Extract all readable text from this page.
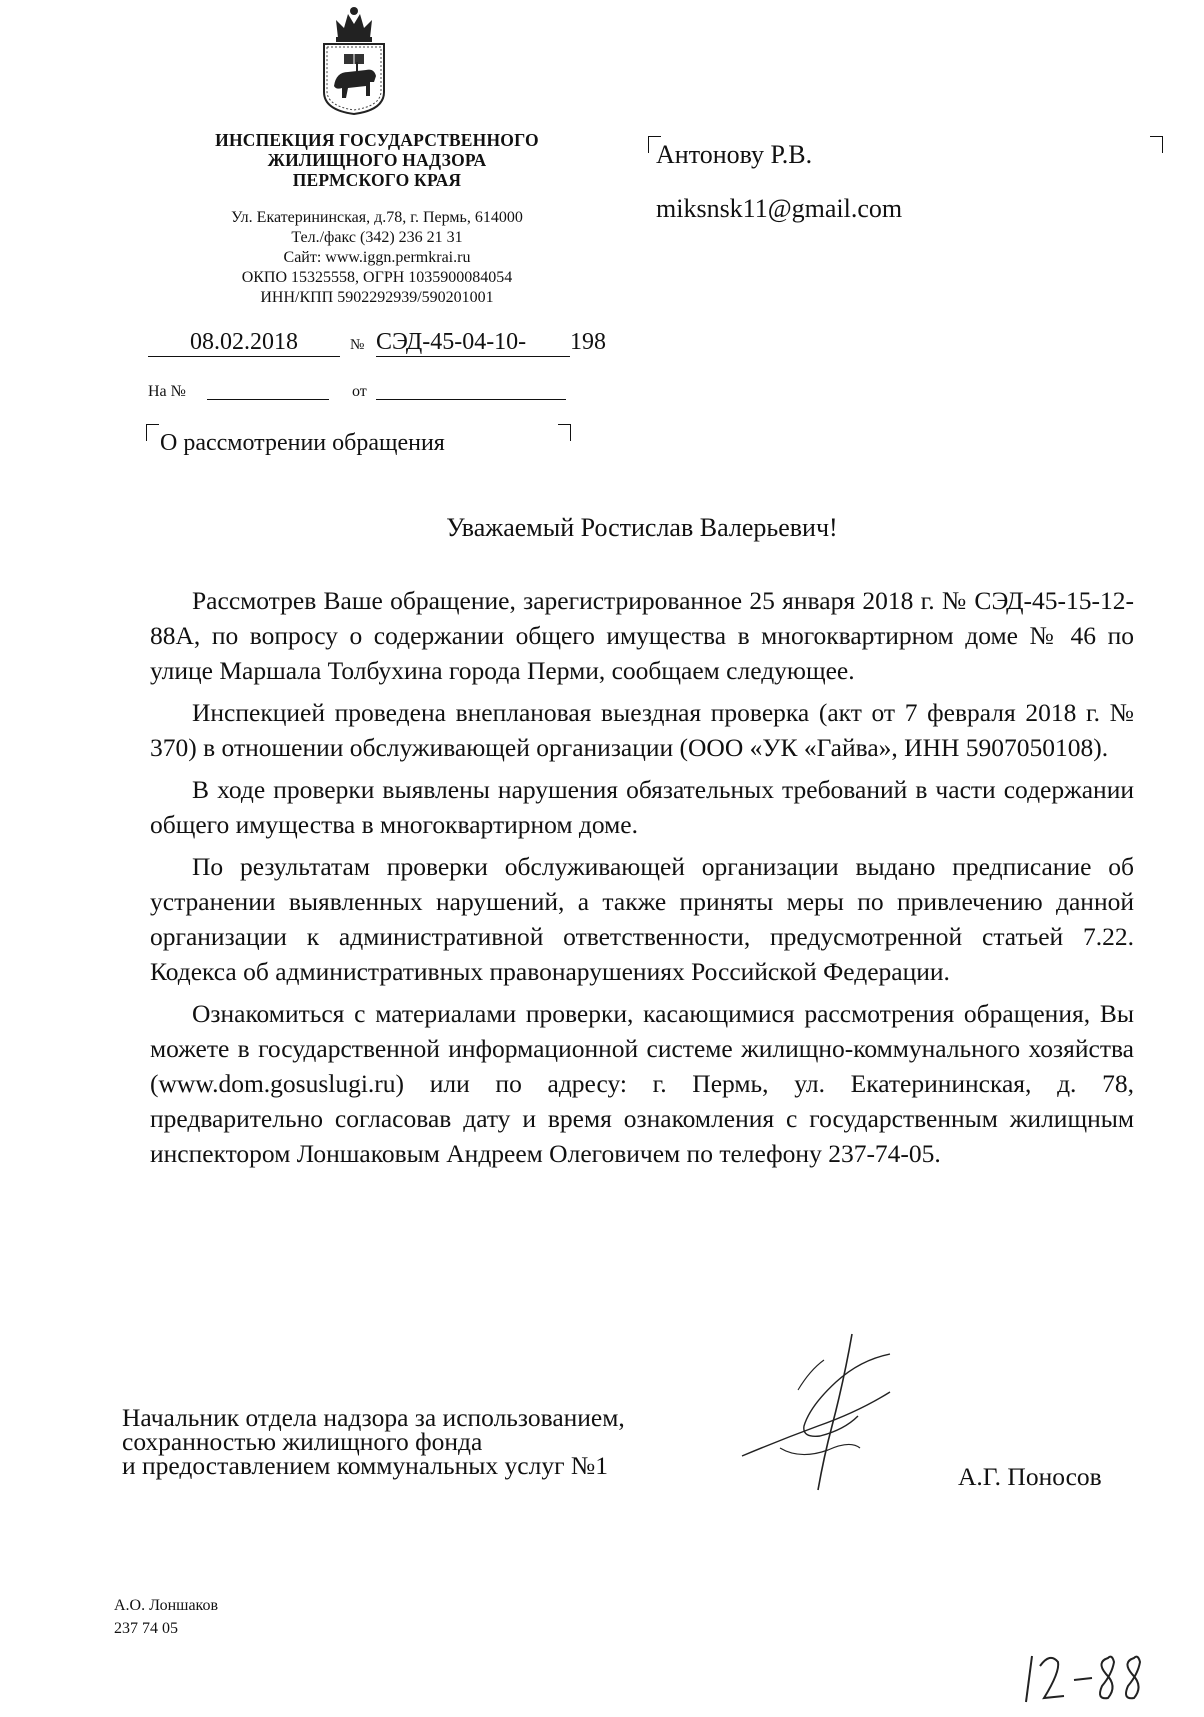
ИНСПЕКЦИЯ ГОСУДАРСТВЕННОГО
ЖИЛИЩНОГО НАДЗОРА
ПЕРМСКОГО КРАЯ
Ул. Екатерининская, д.78, г. Пермь, 614000
Тел./факс (342) 236 21 31
Сайт: www.iggn.permkrai.ru
ОКПО 15325558, ОГРН 1035900084054
ИНН/КПП 5902292939/590201001
08.02.2018	№ СЭД-45-04-10-	198
На №	от
О рассмотрении обращения
Антонову Р.В.
miksnsk11@gmail.com
Уважаемый Ростислав Валерьевич!

Рассмотрев Ваше обращение, зарегистрированное 25 января 2018 г. № СЭД-45-15-12-88А, по вопросу о содержании общего имущества в многоквартирном доме № 46 по улице Маршала Толбухина города Перми, сообщаем следующее.

Инспекцией проведена внеплановая выездная проверка (акт от 7 февраля 2018 г. № 370) в отношении обслуживающей организации (ООО «УК «Гайва», ИНН 5907050108).

В ходе проверки выявлены нарушения обязательных требований в части содержании общего имущества в многоквартирном доме.

По результатам проверки обслуживающей организации выдано предписание об устранении выявленных нарушений, а также приняты меры по привлечению данной организации к административной ответственности, предусмотренной статьей 7.22. Кодекса об административных правонарушениях Российской Федерации.

Ознакомиться с материалами проверки, касающимися рассмотрения обращения, Вы можете в государственной информационной системе жилищно-коммунального хозяйства (www.dom.gosuslugi.ru) или по адресу: г. Пермь, ул. Екатерининская, д. 78, предварительно согласовав дату и время ознакомления с государственным жилищным инспектором Лоншаковым Андреем Олеговичем по телефону 237-74-05.

Начальник отдела надзора за использованием,
сохранностью жилищного фонда
и предоставлением коммунальных услуг №1	А.Г. Поносов
А.О. Лоншаков
237 74 05
